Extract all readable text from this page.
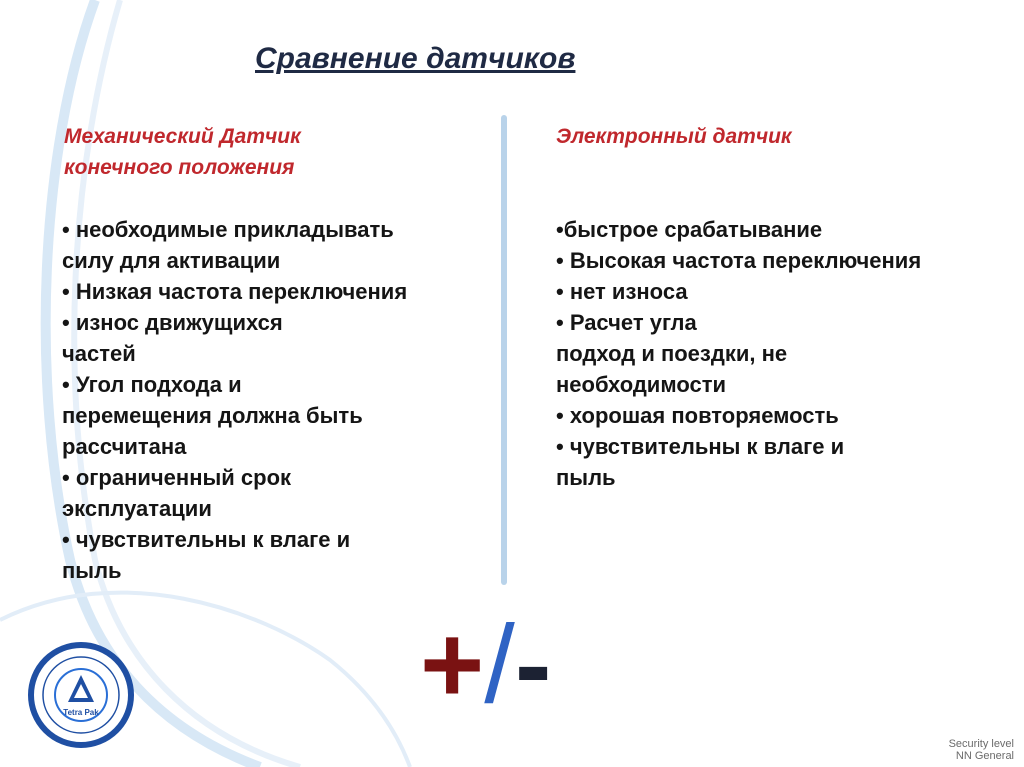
Сравнение датчиков
Механический Датчик
конечного положения
Электронный датчик
• необходимые прикладывать
силу для активации
• Низкая частота переключения
• износ движущихся
частей
• Угол подхода и
перемещения должна быть
рассчитана
• ограниченный срок
эксплуатации
• чувствительны к влаге и
пыль
•быстрое срабатывание
• Высокая частота переключения
• нет износа
• Расчет угла
подход и поездки, не
необходимости
• хорошая повторяемость
• чувствительны к влаге и
пыль
+/-
Tetra Pak
Security level
NN General
